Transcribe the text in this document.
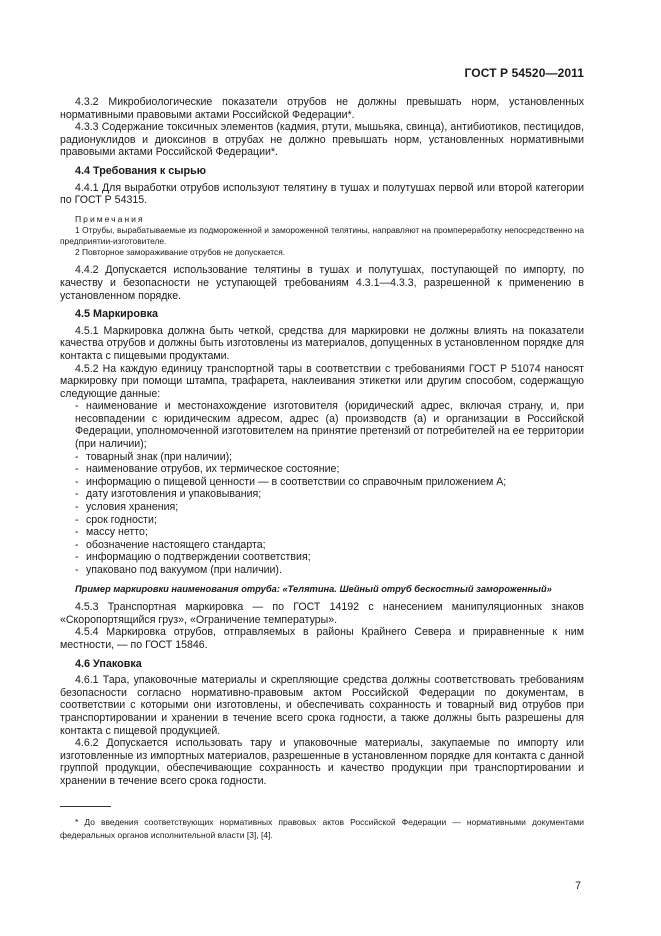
ГОСТ Р 54520—2011

4.3.2 Микробиологические показатели отрубов не должны превышать норм, установленных нормативными правовыми актами Российской Федерации*.

4.3.3 Содержание токсичных элементов (кадмия, ртути, мышьяка, свинца), антибиотиков, пестицидов, радионуклидов и диоксинов в отрубах не должно превышать норм, установленных нормативными правовыми актами Российской Федерации*.

4.4 Требования к сырью

4.4.1 Для выработки отрубов используют телятину в тушах и полутушах первой или второй категории по ГОСТ Р 54315.

Примечания

1 Отрубы, вырабатываемые из подмороженной и замороженной телятины, направляют на промпереработку непосредственно на предприятии-изготовителе.

2 Повторное замораживание отрубов не допускается.

4.4.2 Допускается использование телятины в тушах и полутушах, поступающей по импорту, по качеству и безопасности не уступающей требованиям 4.3.1—4.3.3, разрешенной к применению в установленном порядке.

4.5 Маркировка

4.5.1 Маркировка должна быть четкой, средства для маркировки не должны влиять на показатели качества отрубов и должны быть изготовлены из материалов, допущенных в установленном порядке для контакта с пищевыми продуктами.

4.5.2 На каждую единицу транспортной тары в соответствии с требованиями ГОСТ Р 51074 наносят маркировку при помощи штампа, трафарета, наклеивания этикетки или другим способом, содержащую следующие данные:

- наименование и местонахождение изготовителя (юридический адрес, включая страну, и, при несовпадении с юридическим адресом, адрес (а) производств (а) и организации в Российской Федерации, уполномоченной изготовителем на принятие претензий от потребителей на ее территории (при наличии);

- товарный знак (при наличии);

- наименование отрубов, их термическое состояние;

- информацию о пищевой ценности — в соответствии со справочным приложением А;

- дату изготовления и упаковывания;

- условия хранения;

- срок годности;

- массу нетто;

- обозначение настоящего стандарта;

- информацию о подтверждении соответствия;

- упаковано под вакуумом (при наличии).

Пример маркировки наименования отруба: «Телятина. Шейный отруб бескостный замороженный»

4.5.3 Транспортная маркировка — по ГОСТ 14192 с нанесением манипуляционных знаков «Скоропортящийся груз», «Ограничение температуры».

4.5.4 Маркировка отрубов, отправляемых в районы Крайнего Севера и приравненные к ним местности, — по ГОСТ 15846.

4.6 Упаковка

4.6.1 Тара, упаковочные материалы и скрепляющие средства должны соответствовать требованиям безопасности согласно нормативно-правовым актом Российской Федерации по документам, в соответствии с которыми они изготовлены, и обеспечивать сохранность и товарный вид отрубов при транспортировании и хранении в течение всего срока годности, а также должны быть разрешены для контакта с пищевой продукцией.

4.6.2 Допускается использовать тару и упаковочные материалы, закупаемые по импорту или изготовленные из импортных материалов, разрешенные в установленном порядке для контакта с данной группой продукции, обеспечивающие сохранность и качество продукции при транспортировании и хранении в течение всего срока годности.

* До введения соответствующих нормативных правовых актов Российской Федерации — нормативными документами федеральных органов исполнительной власти [3], [4].

7
